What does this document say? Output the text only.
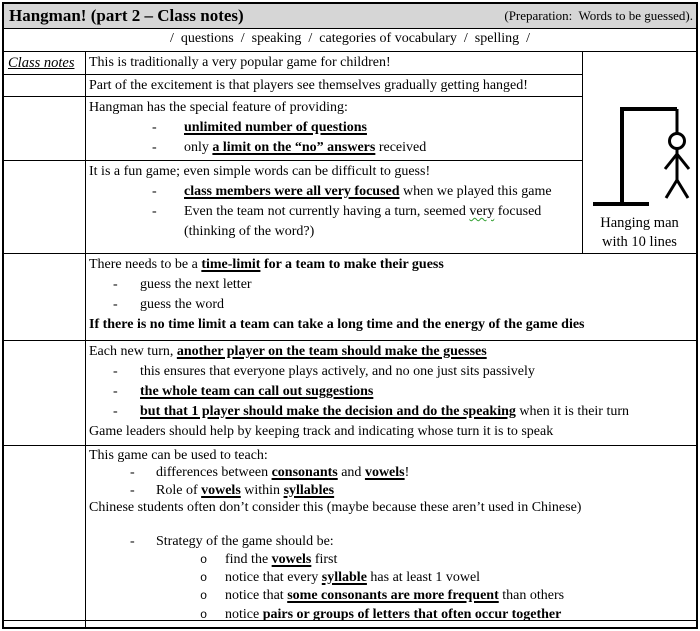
Hangman! (part 2 – Class notes)	(Preparation:  Words to be guessed).
/  questions  /  speaking  /  categories of vocabulary  /  spelling  /
Class notes	This is traditionally a very popular game for children!
Part of the excitement is that players see themselves gradually getting hanged!
Hangman has the special feature of providing:
- unlimited number of questions
- only a limit on the “no” answers received
It is a fun game; even simple words can be difficult to guess!
- class members were all very focused when we played this game
- Even the team not currently having a turn, seemed very focused
(thinking of the word?)
Hanging man
with 10 lines
There needs to be a time-limit for a team to make their guess
- guess the next letter
- guess the word
If there is no time limit a team can take a long time and the energy of the game dies
Each new turn, another player on the team should make the guesses
- this ensures that everyone plays actively, and no one just sits passively
- the whole team can call out suggestions
- but that 1 player should make the decision and do the speaking when it is their turn
Game leaders should help by keeping track and indicating whose turn it is to speak
This game can be used to teach:
- differences between consonants and vowels!
- Role of vowels within syllables
Chinese students often don’t consider this (maybe because these aren’t used in Chinese)

- Strategy of the game should be:
o find the vowels first
o notice that every syllable has at least 1 vowel
o notice that some consonants are more frequent than others
o notice pairs or groups of letters that often occur together
